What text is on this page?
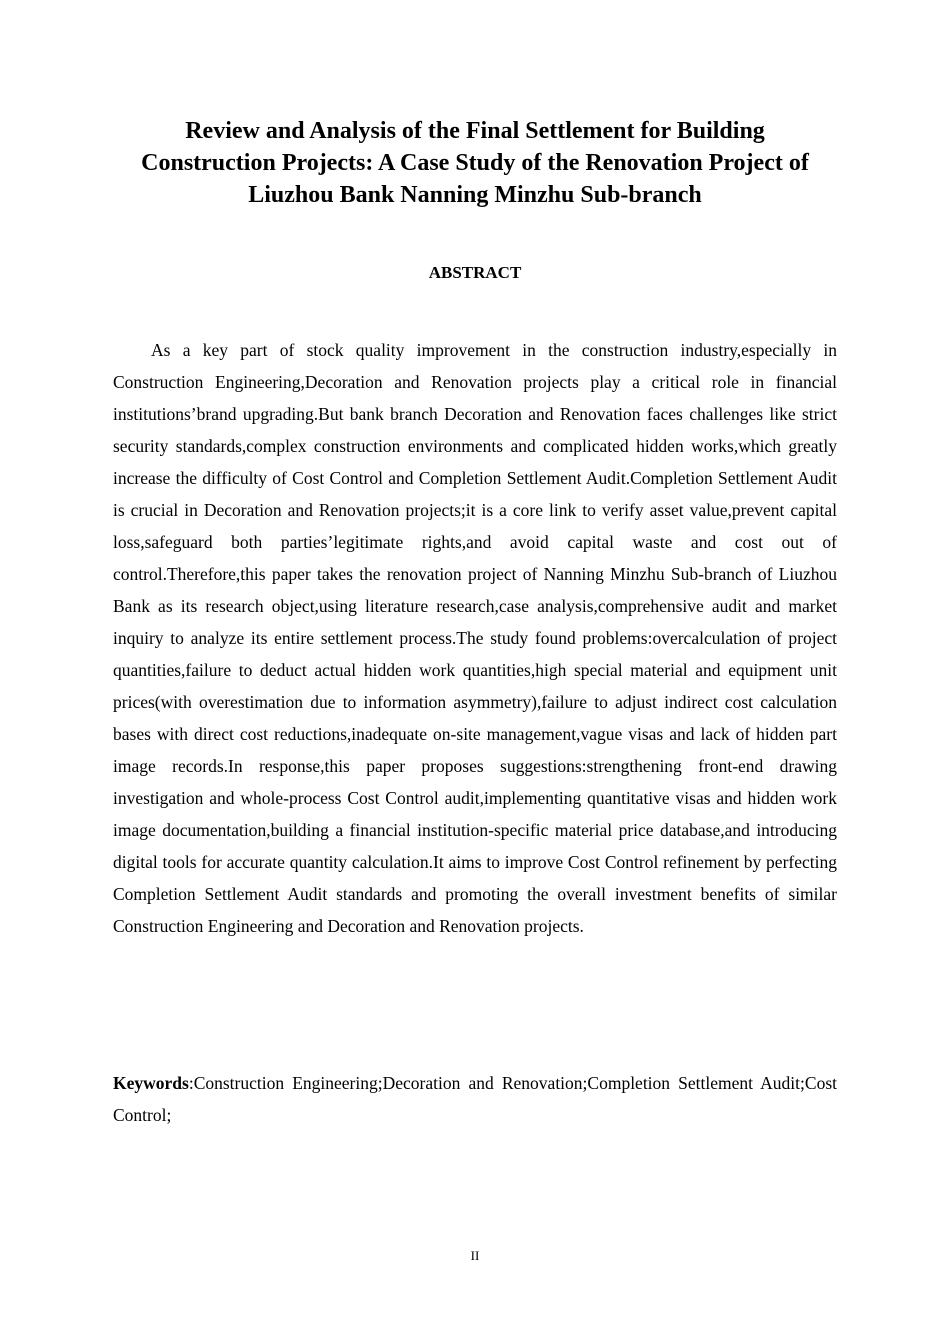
Review and Analysis of the Final Settlement for Building
Construction Projects: A Case Study of the Renovation Project of
Liuzhou Bank Nanning Minzhu Sub-branch
ABSTRACT

As a key part of stock quality improvement in the construction industry,especially in Construction Engineering,Decoration and Renovation projects play a critical role in financial institutions’brand upgrading.But bank branch Decoration and Renovation faces challenges like strict security standards,complex construction environments and complicated hidden works,which greatly increase the difficulty of Cost Control and Completion Settlement Audit.Completion Settlement Audit is crucial in Decoration and Renovation projects;it is a core link to verify asset value,prevent capital loss,safeguard both parties’legitimate rights,and avoid capital waste and cost out of control.Therefore,this paper takes the renovation project of Nanning Minzhu Sub-branch of Liuzhou Bank as its research object,using literature research,case analysis,comprehensive audit and market inquiry to analyze its entire settlement process.The study found problems:overcalculation of project quantities,failure to deduct actual hidden work quantities,high special material and equipment unit prices(with overestimation due to information asymmetry),failure to adjust indirect cost calculation bases with direct cost reductions,inadequate on-site management,vague visas and lack of hidden part image records.In response,this paper proposes suggestions:strengthening front-end drawing investigation and whole-process Cost Control audit,implementing quantitative visas and hidden work image documentation,building a financial institution-specific material price database,and introducing digital tools for accurate quantity calculation.It aims to improve Cost Control refinement by perfecting Completion Settlement Audit standards and promoting the overall investment benefits of similar Construction Engineering and Decoration and Renovation projects.

Keywords:Construction Engineering;Decoration and Renovation;Completion Settlement Audit;Cost Control;

II
